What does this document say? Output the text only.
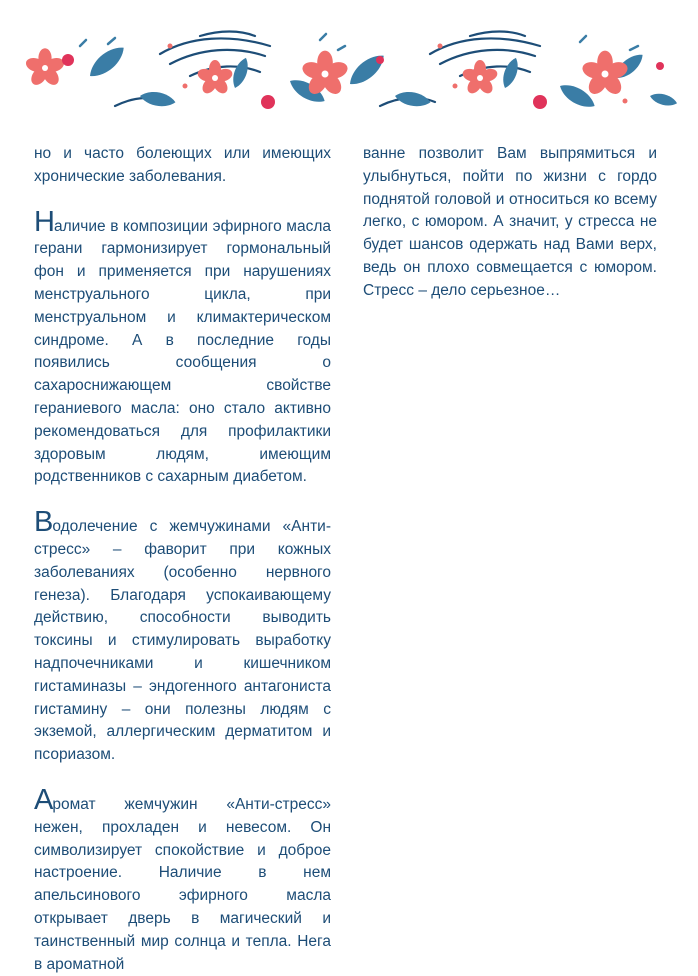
но и часто болеющих или имеющих хронические заболевания.

Наличие в композиции эфирного масла герани гармонизирует гормональный фон и применяется при нарушениях менструального цикла, при менструальном и климактерическом синдроме. А в последние годы появились сообщения о сахароснижающем свойстве гераниевого масла: оно стало активно рекомендоваться для профилактики здоровым людям, имеющим родственников с сахарным диабетом.

Водолечение с жемчужинами «Анти-стресс» – фаворит при кожных заболеваниях (особенно нервного генеза). Благодаря успокаивающему действию, способности выводить токсины и стимулировать выработку надпочечниками и кишечником гистаминазы – эндогенного антагониста гистамину – они полезны людям с экземой, аллергическим дерматитом и псориазом.

Аромат жемчужин «Анти-стресс» нежен, прохладен и невесом. Он символизирует спокойствие и доброе настроение. Наличие в нем апельсинового эфирного масла открывает дверь в магический и таинственный мир солнца и тепла. Нега в ароматной

ванне позволит Вам выпрямиться и улыбнуться, пойти по жизни с гордо поднятой головой и относиться ко всему легко, с юмором. А значит, у стресса не будет шансов одержать над Вами верх, ведь он плохо совмещается с юмором. Стресс – дело серьезное…
